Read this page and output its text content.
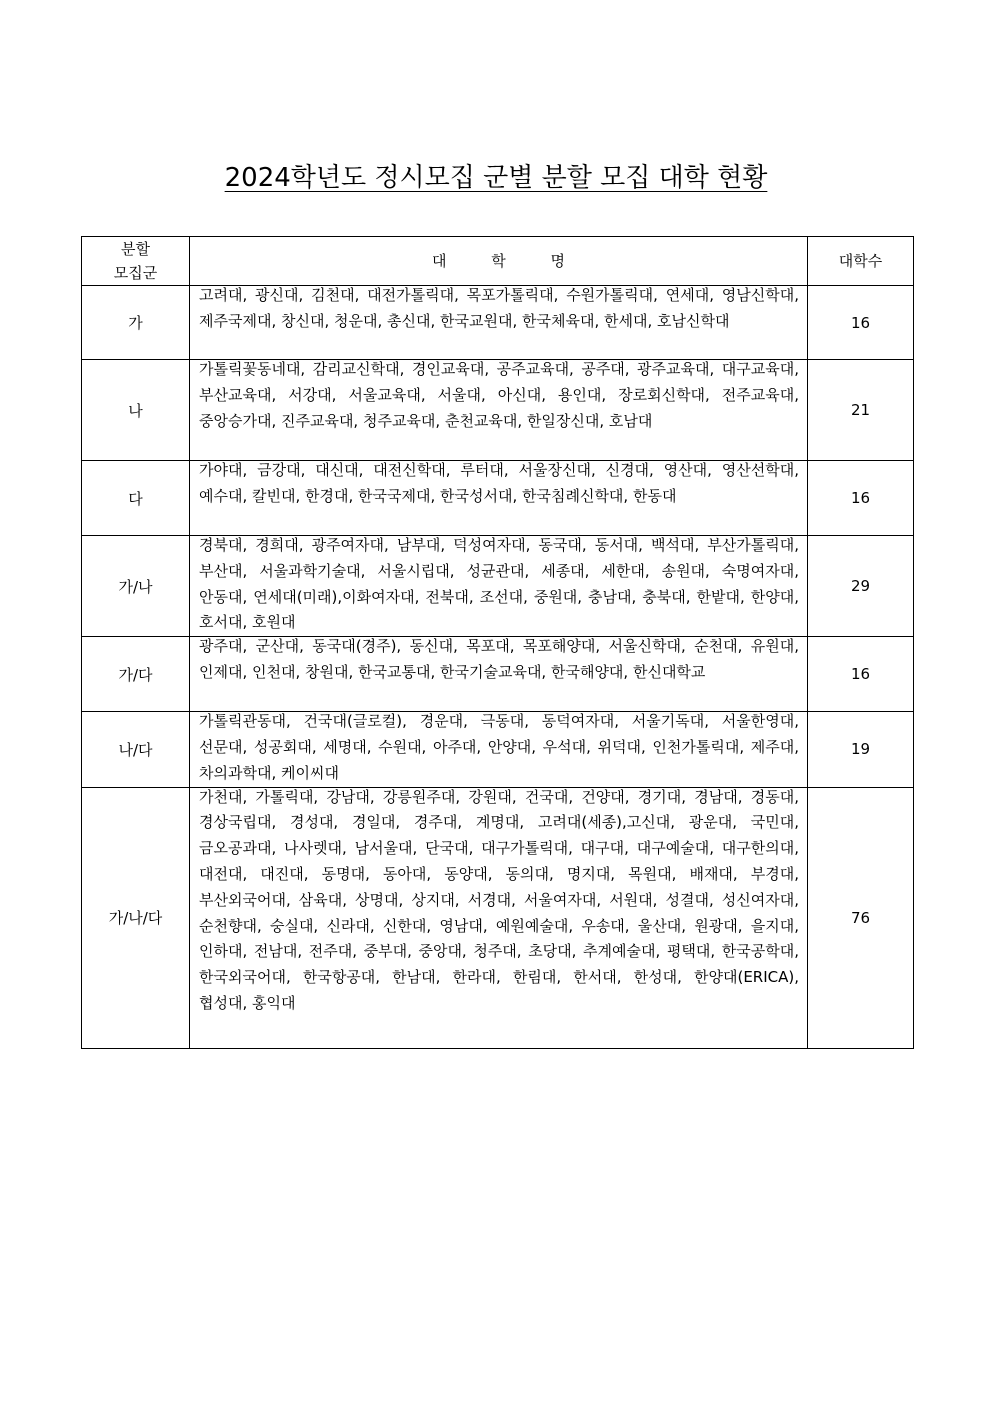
2024학년도 정시모집 군별 분할 모집 대학 현황
분할
모집군	대 학 명	대학수
가	고려대, 광신대, 김천대, 대전가톨릭대, 목포가톨릭대, 수원가톨릭대, 연세대, 영남신학대, 제주국제대, 창신대, 청운대, 총신대, 한국교원대, 한국체육대, 한세대, 호남신학대	16
나	가톨릭꽃동네대, 감리교신학대, 경인교육대, 공주교육대, 공주대, 광주교육대, 대구교육대, 부산교육대, 서강대, 서울교육대, 서울대, 아신대, 용인대, 장로회신학대, 전주교육대, 중앙승가대, 진주교육대, 청주교육대, 춘천교육대, 한일장신대, 호남대	21
다	가야대, 금강대, 대신대, 대전신학대, 루터대, 서울장신대, 신경대, 영산대, 영산선학대, 예수대, 칼빈대, 한경대, 한국국제대, 한국성서대, 한국침례신학대, 한동대	16
가/나	경북대, 경희대, 광주여자대, 남부대, 덕성여자대, 동국대, 동서대, 백석대, 부산가톨릭대, 부산대, 서울과학기술대, 서울시립대, 성균관대, 세종대, 세한대, 송원대, 숙명여자대, 안동대, 연세대(미래),이화여자대, 전북대, 조선대, 중원대, 충남대, 충북대, 한밭대, 한양대, 호서대, 호원대	29
가/다	광주대, 군산대, 동국대(경주), 동신대, 목포대, 목포해양대, 서울신학대, 순천대, 유원대, 인제대, 인천대, 창원대, 한국교통대, 한국기술교육대, 한국해양대, 한신대학교	16
나/다	가톨릭관동대, 건국대(글로컬), 경운대, 극동대, 동덕여자대, 서울기독대, 서울한영대, 선문대, 성공회대, 세명대, 수원대, 아주대, 안양대, 우석대, 위덕대, 인천가톨릭대, 제주대, 차의과학대, 케이씨대	19
가/나/다	가천대, 가톨릭대, 강남대, 강릉원주대, 강원대, 건국대, 건양대, 경기대, 경남대, 경동대, 경상국립대, 경성대, 경일대, 경주대, 계명대, 고려대(세종),고신대, 광운대, 국민대, 금오공과대, 나사렛대, 남서울대, 단국대, 대구가톨릭대, 대구대, 대구예술대, 대구한의대, 대전대, 대진대, 동명대, 동아대, 동양대, 동의대, 명지대, 목원대, 배재대, 부경대, 부산외국어대, 삼육대, 상명대, 상지대, 서경대, 서울여자대, 서원대, 성결대, 성신여자대, 순천향대, 숭실대, 신라대, 신한대, 영남대, 예원예술대, 우송대, 울산대, 원광대, 을지대, 인하대, 전남대, 전주대, 중부대, 중앙대, 청주대, 초당대, 추계예술대, 평택대, 한국공학대, 한국외국어대, 한국항공대, 한남대, 한라대, 한림대, 한서대, 한성대, 한양대(ERICA), 협성대, 홍익대	76
